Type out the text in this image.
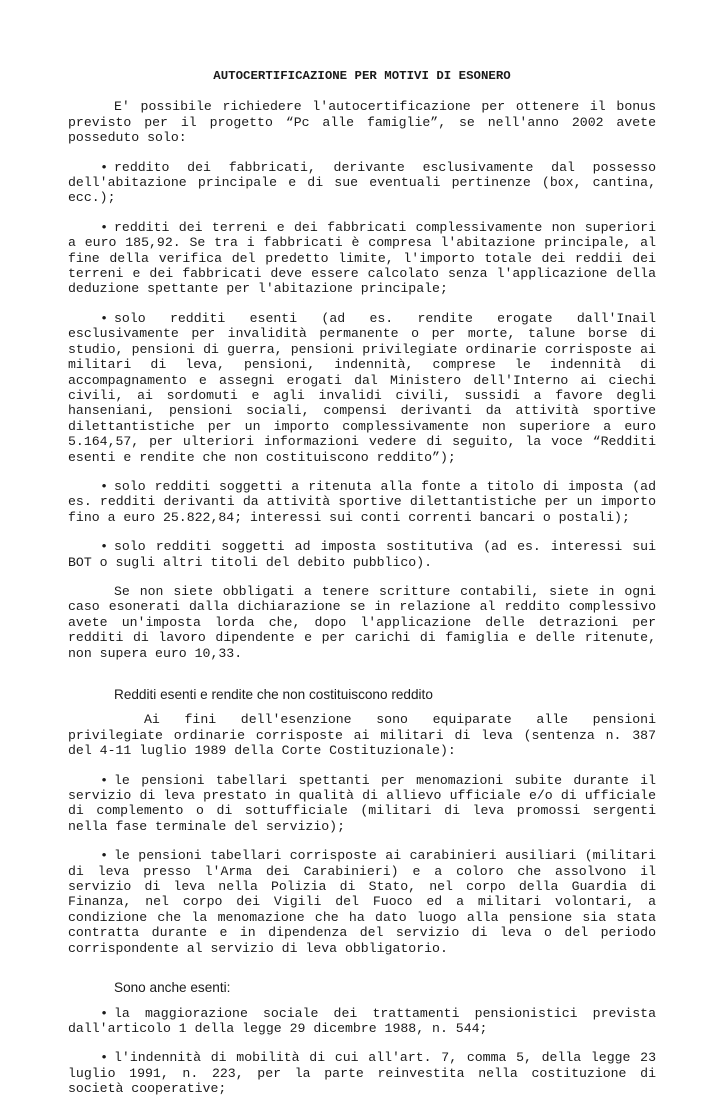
AUTOCERTIFICAZIONE PER MOTIVI DI ESONERO

E' possibile richiedere l'autocertificazione per ottenere il bonus previsto per il progetto “Pc alle famiglie”, se nell'anno 2002 avete posseduto solo:

• reddito dei fabbricati, derivante esclusivamente dal possesso dell'abitazione principale e di sue eventuali pertinenze (box, cantina, ecc.);

• redditi dei terreni e dei fabbricati complessivamente non superiori a euro 185,92. Se tra i fabbricati è compresa l'abitazione principale, al fine della verifica del predetto limite, l'importo totale dei reddii dei terreni e dei fabbricati deve essere calcolato senza l'applicazione della deduzione spettante per l'abitazione principale;

• solo redditi esenti (ad es. rendite erogate dall'Inail esclusivamente per invalidità permanente o per morte, talune borse di studio, pensioni di guerra, pensioni privilegiate ordinarie corrisposte ai militari di leva, pensioni, indennità, comprese le indennità di accompagnamento e assegni erogati dal Ministero dell'Interno ai ciechi civili, ai sordomuti e agli invalidi civili, sussidi a favore degli hanseniani, pensioni sociali, compensi derivanti da attività sportive dilettantistiche per un importo complessivamente non superiore a euro 5.164,57, per ulteriori informazioni vedere di seguito, la voce “Redditi esenti e rendite che non costituiscono reddito”);

• solo redditi soggetti a ritenuta alla fonte a titolo di imposta (ad es. redditi derivanti da attività sportive dilettantistiche per un importo fino a euro 25.822,84; interessi sui conti correnti bancari o postali);

• solo redditi soggetti ad imposta sostitutiva (ad es. interessi sui BOT o sugli altri titoli del debito pubblico).

Se non siete obbligati a tenere scritture contabili, siete in ogni caso esonerati dalla dichiarazione se in relazione al reddito complessivo avete un'imposta lorda che, dopo l'applicazione delle detrazioni per redditi di lavoro dipendente e per carichi di famiglia e delle ritenute, non supera euro 10,33.

Redditi esenti e rendite che non costituiscono reddito

Ai fini dell'esenzione sono equiparate alle pensioni privilegiate ordinarie corrisposte ai militari di leva (sentenza n. 387 del 4-11 luglio 1989 della Corte Costituzionale):

• le pensioni tabellari spettanti per menomazioni subite durante il servizio di leva prestato in qualità di allievo ufficiale e/o di ufficiale di complemento o di sottufficiale (militari di leva promossi sergenti nella fase terminale del servizio);

• le pensioni tabellari corrisposte ai carabinieri ausiliari (militari di leva presso l'Arma dei Carabinieri) e a coloro che assolvono il servizio di leva nella Polizia di Stato, nel corpo della Guardia di Finanza, nel corpo dei Vigili del Fuoco ed a militari volontari, a condizione che la menomazione che ha dato luogo alla pensione sia stata contratta durante e in dipendenza del servizio di leva o del periodo corrispondente al servizio di leva obbligatorio.

Sono anche esenti:

• la maggiorazione sociale dei trattamenti pensionistici prevista dall'articolo 1 della legge 29 dicembre 1988, n. 544;

• l'indennità di mobilità di cui all'art. 7, comma 5, della legge 23 luglio 1991, n. 223, per la parte reinvestita nella costituzione di società cooperative;
